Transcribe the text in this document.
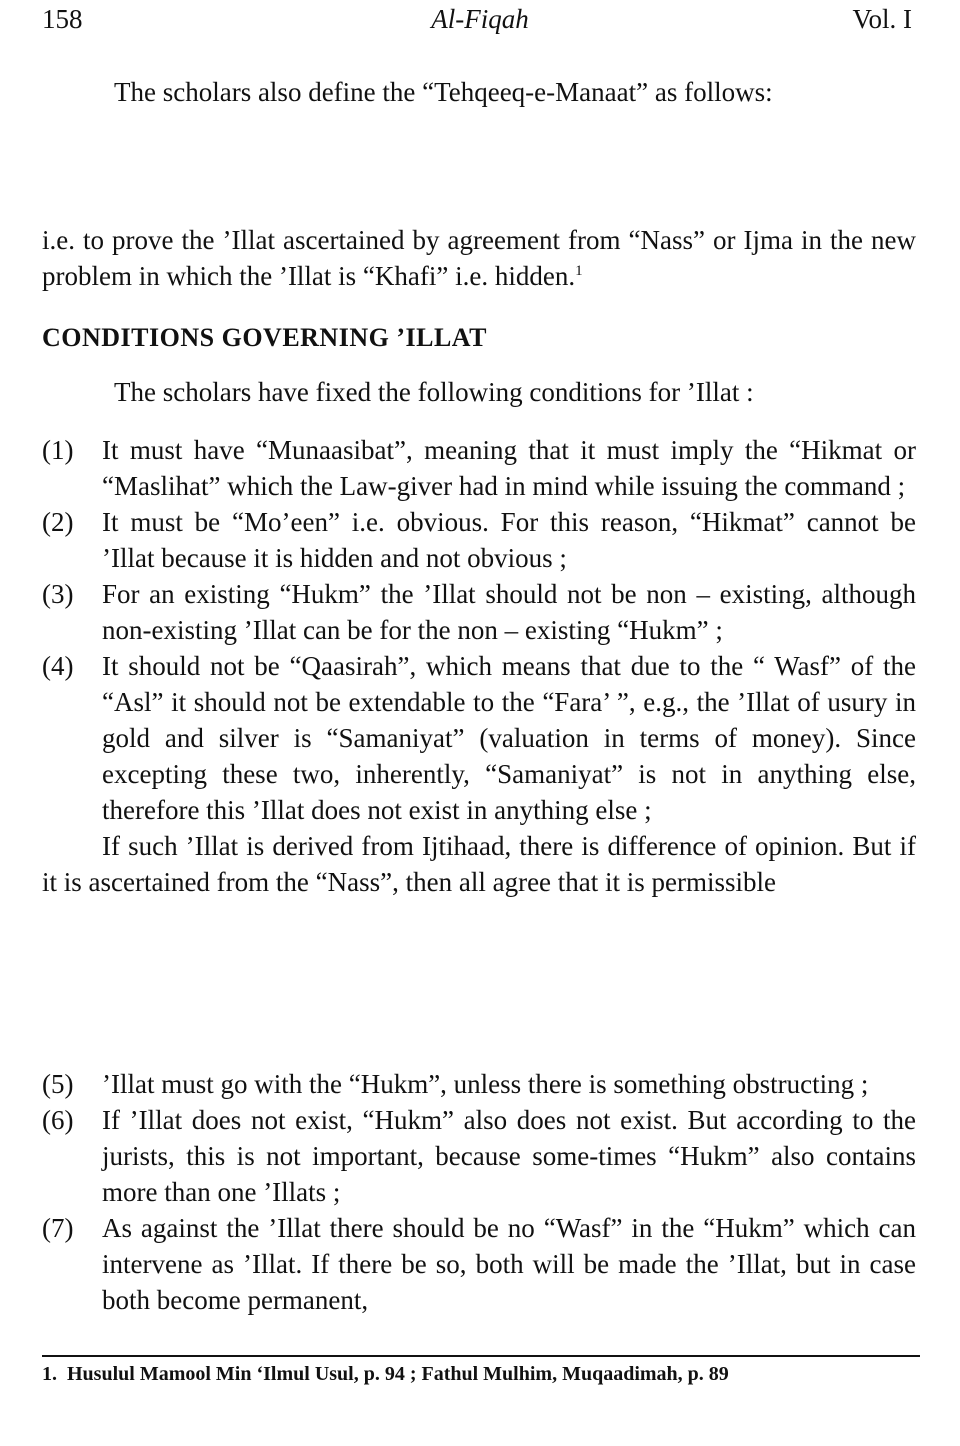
158	Al-Fiqah	Vol. I
The scholars also define the “Tehqeeq-e-Manaat” as follows:
i.e. to prove the ’Illat ascertained by agreement from “Nass” or Ijma in the new problem in which the ’Illat is “Khafi” i.e. hidden.$^1$
CONDITIONS GOVERNING ’ILLAT
The scholars have fixed the following conditions for ’Illat :
(1) It must have “Munaasibat”, meaning that it must imply the “Hikmat or “Maslihat” which the Law-giver had in mind while issuing the command ;
(2) It must be “Mo’een” i.e. obvious. For this reason, “Hikmat” cannot be ’Illat because it is hidden and not obvious ;
(3) For an existing “Hukm” the ’Illat should not be non – existing, although non-existing ’Illat can be for the non – existing “Hukm” ;
(4) It should not be “Qaasirah”, which means that due to the “ Wasf” of the “Asl” it should not be extendable to the “Fara’ ”, e.g., the ’Illat of usury in gold and silver is “Samaniyat” (valuation in terms of money). Since excepting these two, inherently, “Samaniyat” is not in anything else, therefore this ’Illat does not exist in anything else ;
If such ’Illat is derived from Ijtihaad, there is difference of opinion. But if it is ascertained from the “Nass”, then all agree that it is permissible
(5) ’Illat must go with the “Hukm”, unless there is something obstructing ;
(6) If ’Illat does not exist, “Hukm” also does not exist. But according to the jurists, this is not important, because some-times “Hukm” also contains more than one ’Illats ;
(7) As against the ’Illat there should be no “Wasf” in the “Hukm” which can intervene as ’Illat. If there be so, both will be made the ’Illat, but in case both become permanent,
1. Husulul Mamool Min ‘Ilmul Usul, p. 94 ; Fathul Mulhim, Muqaadimah, p. 89
